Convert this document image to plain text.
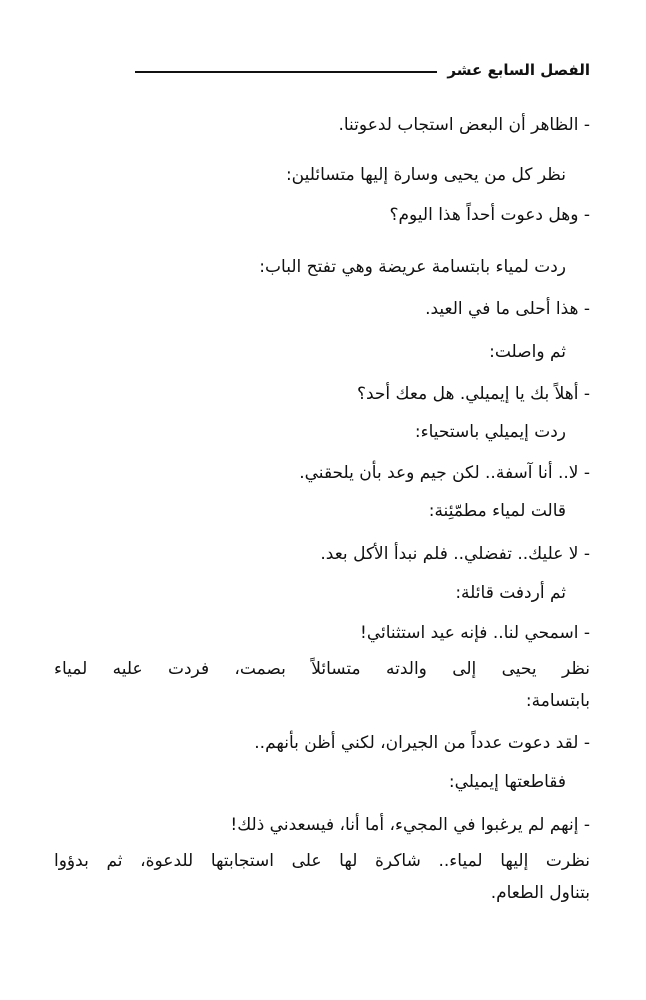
الفصل السابع عشر
- الظاهر أن البعض استجاب لدعوتنا.
نظر كل من يحيى وسارة إليها متسائلين:
- وهل دعوت أحداً هذا اليوم؟
ردت لمياء بابتسامة عريضة وهي تفتح الباب:
- هذا أحلى ما في العيد.
ثم واصلت:
- أهلاً بك يا إيميلي. هل معك أحد؟
ردت إيميلي باستحياء:
- لا.. أنا آسفة.. لكن جيم وعد بأن يلحقني.
قالت لمياء مطمّئِنة:
- لا عليك.. تفضلي.. فلم نبدأ الأكل بعد.
ثم أردفت قائلة:
- اسمحي لنا.. فإنه عيد استثنائي!
نظر يحيى إلى والدته متسائلاً بصمت، فردت عليه لمياء
بابتسامة:
- لقد دعوت عدداً من الجيران، لكني أظن بأنهم..
فقاطعتها إيميلي:
- إنهم لم يرغبوا في المجيء، أما أنا، فيسعدني ذلك!
نظرت إليها لمياء.. شاكرة لها على استجابتها للدعوة، ثم بدؤوا
بتناول الطعام.
